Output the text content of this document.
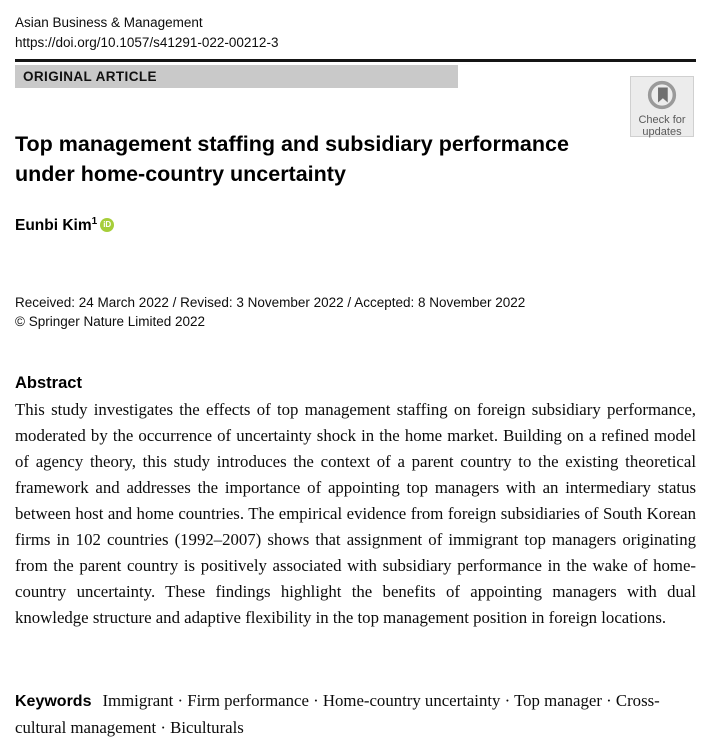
Asian Business & Management
https://doi.org/10.1057/s41291-022-00212-3
ORIGINAL ARTICLE
Check for
updates
Top management staffing and subsidiary performance under home-country uncertainty
Eunbi Kim$^1$ iD
Received: 24 March 2022 / Revised: 3 November 2022 / Accepted: 8 November 2022
© Springer Nature Limited 2022
Abstract
This study investigates the effects of top management staffing on foreign subsidiary performance, moderated by the occurrence of uncertainty shock in the home market. Building on a refined model of agency theory, this study introduces the context of a parent country to the existing theoretical framework and addresses the importance of appointing top managers with an intermediary status between host and home countries. The empirical evidence from foreign subsidiaries of South Korean firms in 102 countries (1992–2007) shows that assignment of immigrant top managers originating from the parent country is positively associated with subsidiary performance in the wake of home-country uncertainty. These findings highlight the benefits of appointing managers with dual knowledge structure and adaptive flexibility in the top management position in foreign locations.
Keywords Immigrant · Firm performance · Home-country uncertainty · Top manager · Cross-cultural management · Biculturals
